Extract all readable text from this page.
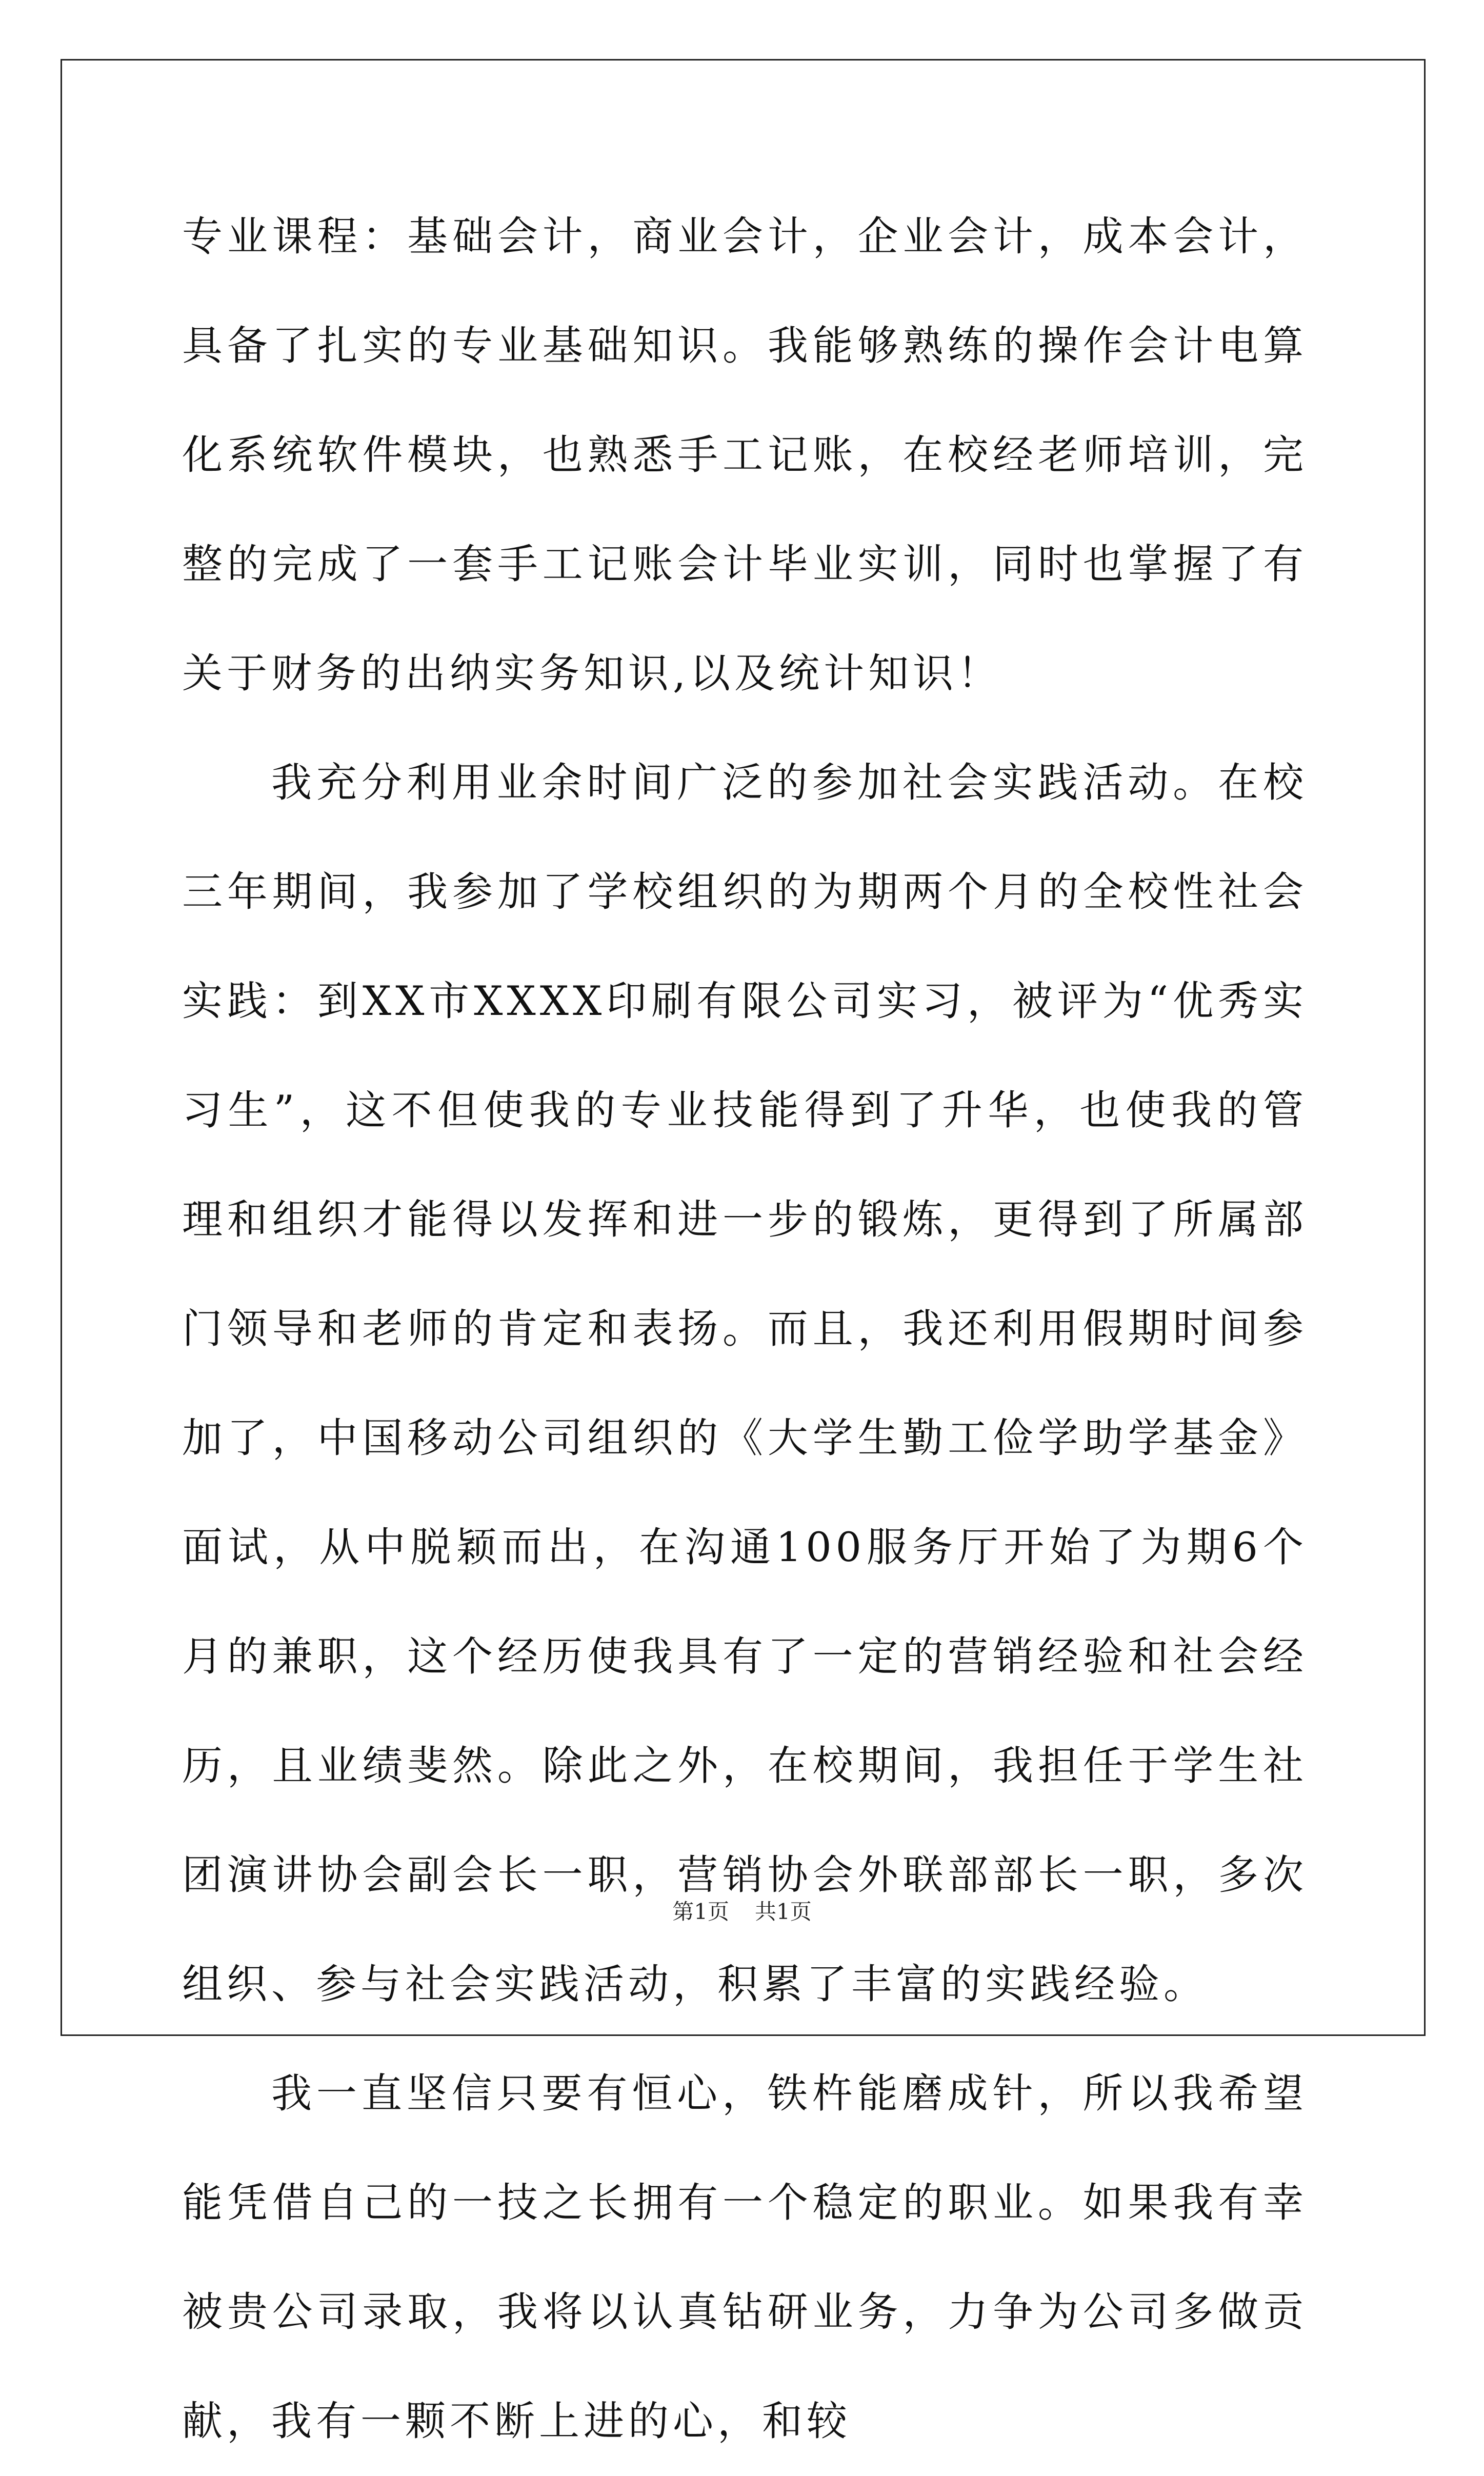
专业课程：基础会计，商业会计，企业会计，成本会计，具备了扎实的专业基础知识。我能够熟练的操作会计电算化系统软件模块，也熟悉手工记账，在校经老师培训，完整的完成了一套手工记账会计毕业实训，同时也掌握了有关于财务的出纳实务知识,以及统计知识！

我充分利用业余时间广泛的参加社会实践活动。在校三年期间，我参加了学校组织的为期两个月的全校性社会实践：到XX市XXXX印刷有限公司实习，被评为“优秀实习生”，这不但使我的专业技能得到了升华，也使我的管理和组织才能得以发挥和进一步的锻炼，更得到了所属部门领导和老师的肯定和表扬。而且，我还利用假期时间参加了，中国移动公司组织的《大学生勤工俭学助学基金》面试，从中脱颖而出，在沟通100服务厅开始了为期6个月的兼职，这个经历使我具有了一定的营销经验和社会经历，且业绩斐然。除此之外，在校期间，我担任于学生社团演讲协会副会长一职，营销协会外联部部长一职，多次组织、参与社会实践活动，积累了丰富的实践经验。

我一直坚信只要有恒心，铁杵能磨成针，所以我希望能凭借自己的一技之长拥有一个稳定的职业。如果我有幸被贵公司录取，我将以认真钻研业务，力争为公司多做贡献，我有一颗不断上进的心，和较

第1页 共1页
